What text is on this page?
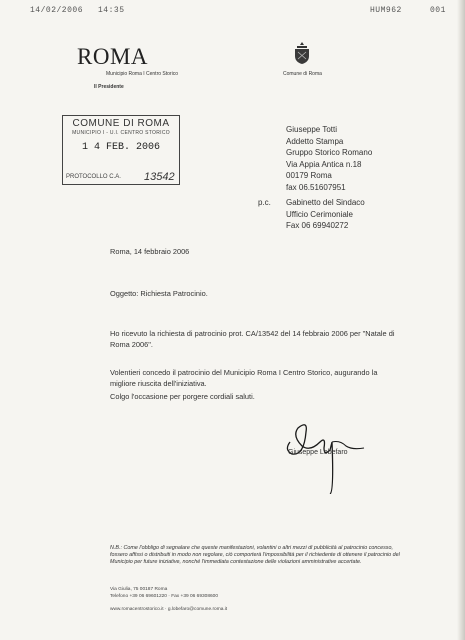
14/02/2006 14:35	HUM962	001
ROMA
Municipio Roma I Centro Storico
Il Presidente
Comune di Roma
COMUNE DI ROMA
MUNICIPIO I - U.I. CENTRO STORICO
1 4 FEB. 2006
PROTOCOLLO C.A. 13542
Giuseppe Totti
Addetto Stampa
Gruppo Storico Romano
Via Appia Antica n.18
00179 Roma
fax 06.51607951
p.c. Gabinetto del Sindaco
Ufficio Cerimoniale
Fax 06 69940272
Roma, 14 febbraio 2006
Oggetto: Richiesta Patrocinio.
Ho ricevuto la richiesta di patrocinio prot. CA/13542 del 14 febbraio 2006 per "Natale di Roma 2006".
Volentieri concedo il patrocinio del Municipio Roma I Centro Storico, augurando la migliore riuscita dell'iniziativa.
Colgo l'occasione per porgere cordiali saluti.
Giuseppe Lobefaro
N.B.: Come l'obbligo di segnalare che queste manifestazioni, volantini o altri mezzi di pubblicità al patrocinio concesso, fossero affissi o distribuiti in modo non regolare, ciò comporterà l'impossibilità per il richiedente di ottenere il patrocinio del Municipio per future iniziative, nonché l'immediata contestazione delle violazioni amministrative accertate.
Via Giulia, 75 00187 Roma
Telefono +39 06 69601220 · Fax +39 06 69308600
www.romacentrostorico.it · g.lobefaro@comune.roma.it
